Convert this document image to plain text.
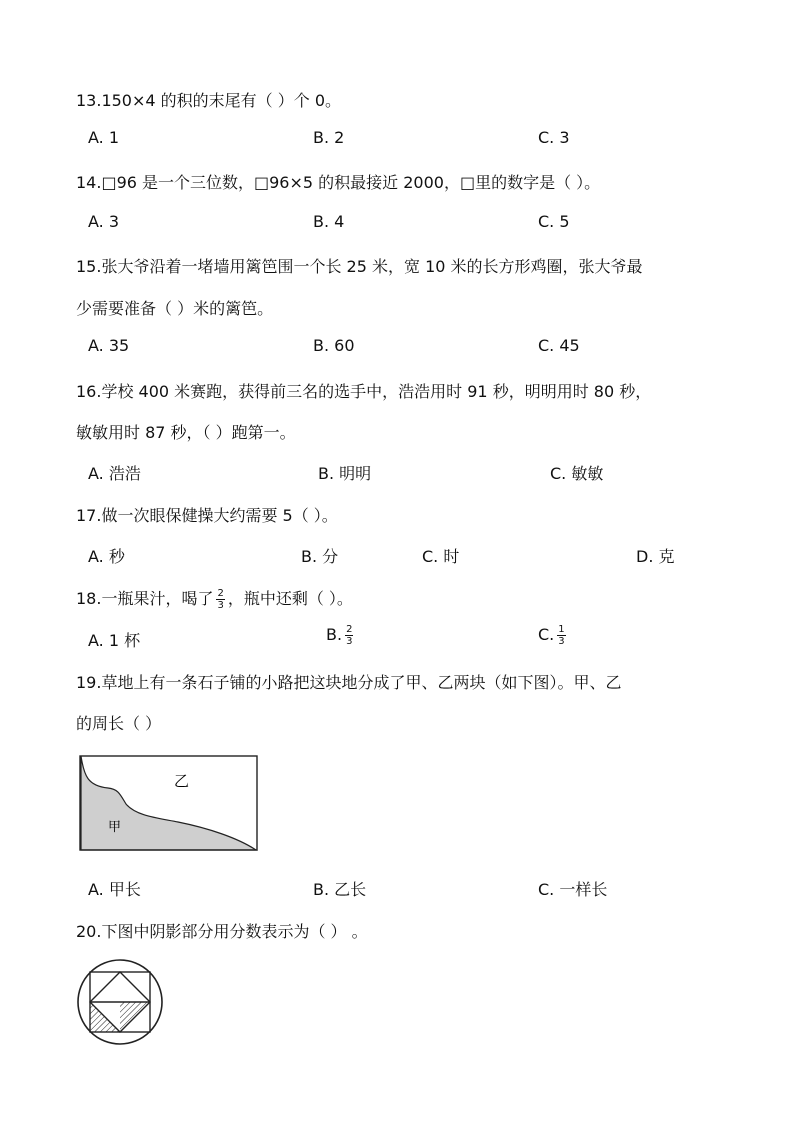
13.150×4 的积的末尾有（ ）个 0。
A. 1	B. 2	C. 3
14.□96 是一个三位数，□96×5 的积最接近 2000，□里的数字是（ ）。
A. 3	B. 4	C. 5
15.张大爷沿着一堵墙用篱笆围一个长 25 米，宽 10 米的长方形鸡圈，张大爷最
少需要准备（ ）米的篱笆。
A. 35	B. 60	C. 45
16.学校 400 米赛跑，获得前三名的选手中，浩浩用时 91 秒，明明用时 80 秒，
敏敏用时 87 秒，（ ）跑第一。
A. 浩浩	B. 明明	C. 敏敏
17.做一次眼保健操大约需要 5（ ）。
A. 秒	B. 分	C. 时	D. 克
18.一瓶果汁，喝了 $\frac{2}{3}$ ，瓶中还剩（ ）。
A. 1 杯	B. $\frac{2}{3}$	C. $\frac{1}{3}$
19.草地上有一条石子铺的小路把这块地分成了甲、乙两块（如下图）。甲、乙
的周长（ ）
乙
甲
A. 甲长	B. 乙长	C. 一样长
20.下图中阴影部分用分数表示为（ ） 。
